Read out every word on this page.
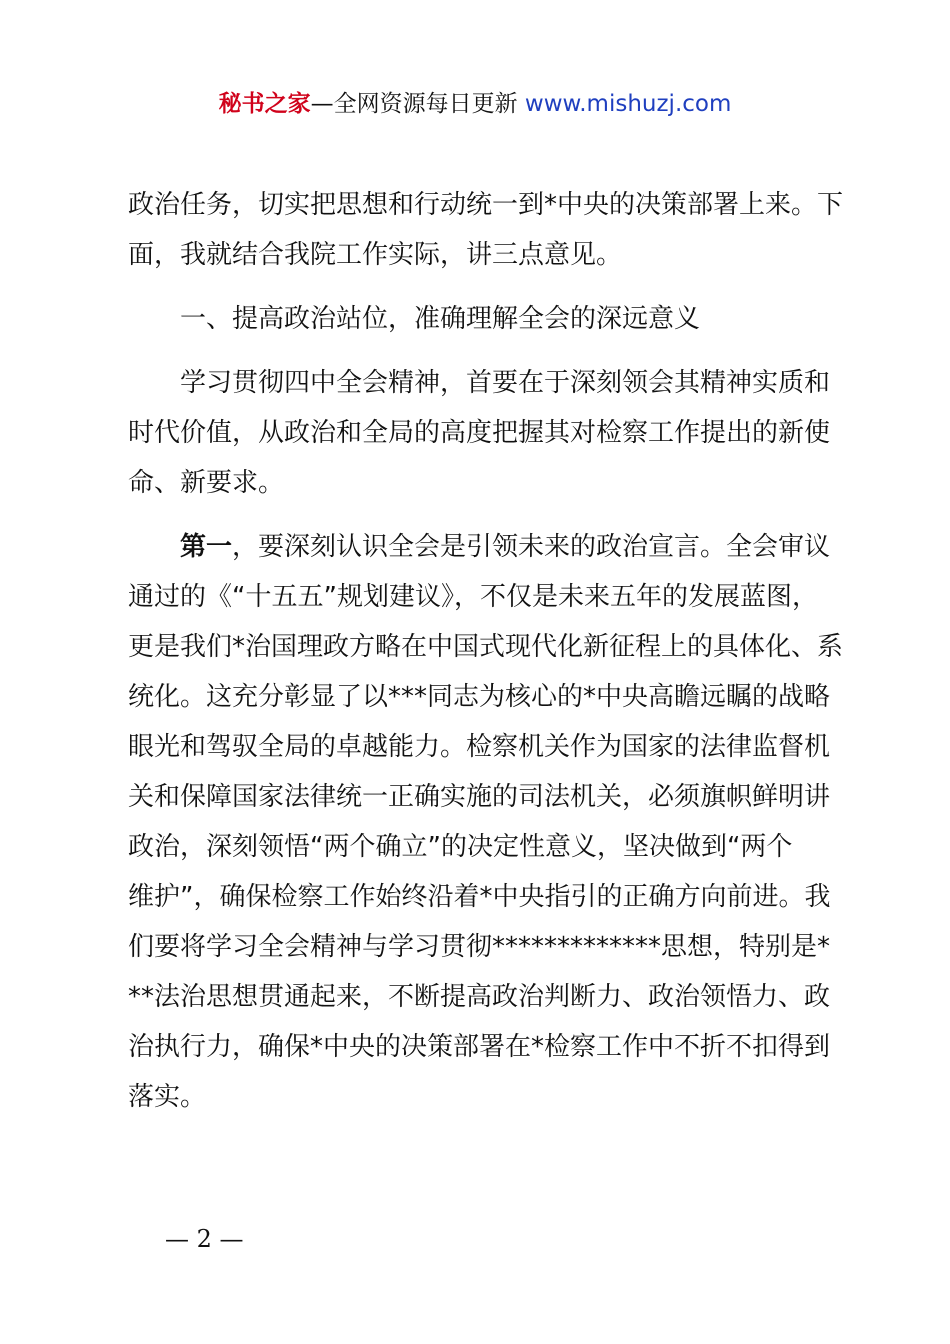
秘书之家—全网资源每日更新 www.mishuzj.com

政治任务，切实把思想和行动统一到*中央的决策部署上来。下
面，我就结合我院工作实际，讲三点意见。

一、提高政治站位，准确理解全会的深远意义

学习贯彻四中全会精神，首要在于深刻领会其精神实质和
时代价值，从政治和全局的高度把握其对检察工作提出的新使
命、新要求。

第一，要深刻认识全会是引领未来的政治宣言。全会审议
通过的《“十五五”规划建议》，不仅是未来五年的发展蓝图，
更是我们*治国理政方略在中国式现代化新征程上的具体化、系
统化。这充分彰显了以***同志为核心的*中央高瞻远瞩的战略
眼光和驾驭全局的卓越能力。检察机关作为国家的法律监督机
关和保障国家法律统一正确实施的司法机关，必须旗帜鲜明讲
政治，深刻领悟“两个确立”的决定性意义，坚决做到“两个
维护”，确保检察工作始终沿着*中央指引的正确方向前进。我
们要将学习全会精神与学习贯彻*************思想，特别是*
**法治思想贯通起来，不断提高政治判断力、政治领悟力、政
治执行力，确保*中央的决策部署在*检察工作中不折不扣得到
落实。

— 2 —
